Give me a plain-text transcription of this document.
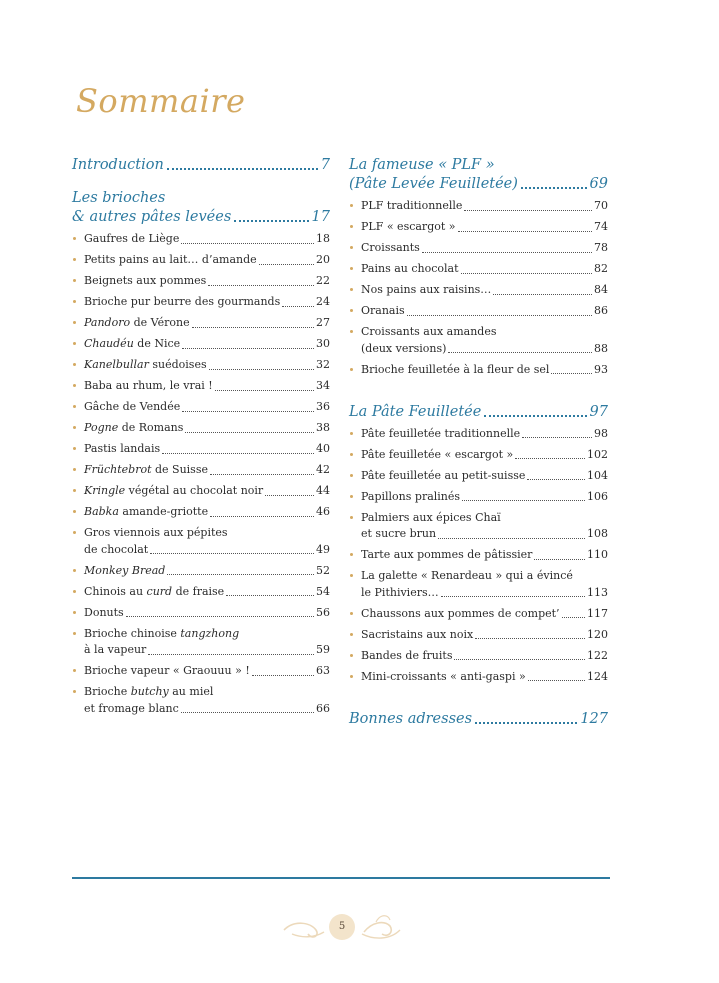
Sommaire
Introduction	7
Les brioches
& autres pâtes levées	17
Gaufres de Liège	18
Petits pains au lait… d’amande	20
Beignets aux pommes	22
Brioche pur beurre des gourmands	24
Pandoro de Vérone	27
Chaudéu de Nice	30
Kanelbullar suédoises	32
Baba au rhum, le vrai !	34
Gâche de Vendée	36
Pogne de Romans	38
Pastis landais	40
Früchtebrot de Suisse	42
Kringle végétal au chocolat noir	44
Babka amande-griotte	46
Gros viennois aux pépites
de chocolat	49
Monkey Bread	52
Chinois au curd de fraise	54
Donuts	56
Brioche chinoise tangzhong
à la vapeur	59
Brioche vapeur « Graouuu » !	63
Brioche butchy au miel
et fromage blanc	66
La fameuse « PLF »
(Pâte Levée Feuilletée)	69
PLF traditionnelle	70
PLF « escargot »	74
Croissants	78
Pains au chocolat	82
Nos pains aux raisins…	84
Oranais	86
Croissants aux amandes
(deux versions)	88
Brioche feuilletée à la fleur de sel	93
La Pâte Feuilletée	97
Pâte feuilletée traditionnelle	98
Pâte feuilletée « escargot »	102
Pâte feuilletée au petit-suisse	104
Papillons pralinés	106
Palmiers aux épices Chaï
et sucre brun	108
Tarte aux pommes de pâtissier	110
La galette « Renardeau » qui a évincé
le Pithiviers…	113
Chaussons aux pommes de compet’ 117
Sacristains aux noix	120
Bandes de fruits	122
Mini-croissants « anti-gaspi »	124
Bonnes adresses	127
5
